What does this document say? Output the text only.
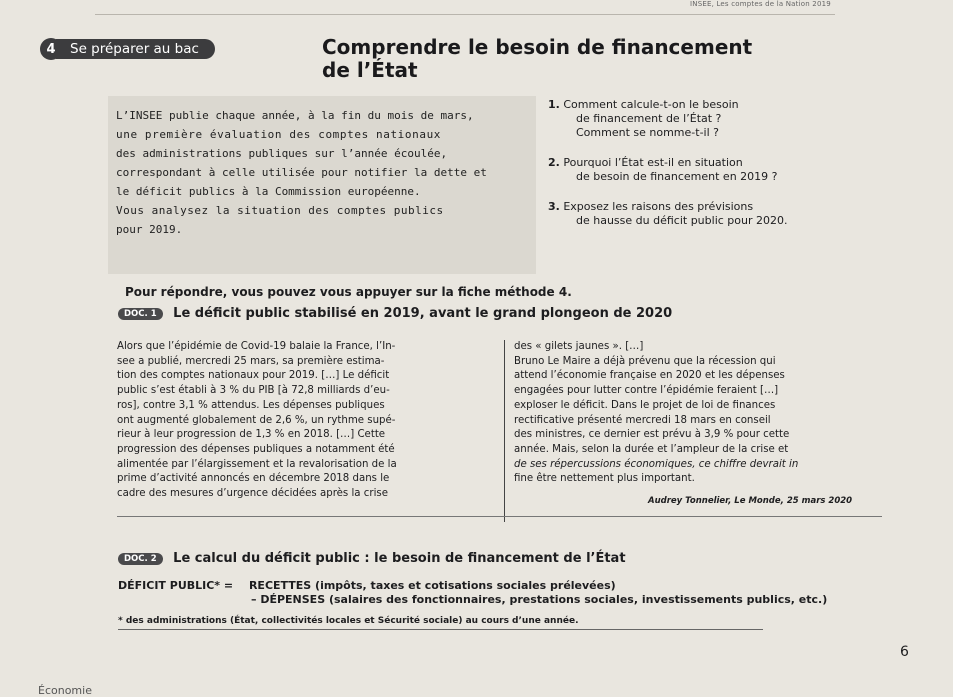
INSEE, Les comptes de la Nation 2019
4	Se préparer au bac	Comprendre le besoin de financement
de l’État
L’INSEE publie chaque année, à la fin du mois de mars,
une première évaluation des comptes nationaux
des administrations publiques sur l’année écoulée,
correspondant à celle utilisée pour notifier la dette et
le déficit publics à la Commission européenne.
Vous analysez la situation des comptes publics
pour 2019.
1. Comment calcule-t-on le besoin
de financement de l’État ?
Comment se nomme-t-il ?
2. Pourquoi l’État est-il en situation
de besoin de financement en 2019 ?
3. Exposez les raisons des prévisions
de hausse du déficit public pour 2020.
Pour répondre, vous pouvez vous appuyer sur la fiche méthode 4.
DOC. 1 Le déficit public stabilisé en 2019, avant le grand plongeon de 2020
Alors que l’épidémie de Covid-19 balaie la France, l’In-
see a publié, mercredi 25 mars, sa première estima-
tion des comptes nationaux pour 2019. […] Le déficit
public s’est établi à 3 % du PIB [à 72,8 milliards d’eu-
ros], contre 3,1 % attendus. Les dépenses publiques
ont augmenté globalement de 2,6 %, un rythme supé-
rieur à leur progression de 1,3 % en 2018. […] Cette
progression des dépenses publiques a notamment été
alimentée par l’élargissement et la revalorisation de la
prime d’activité annoncés en décembre 2018 dans le
cadre des mesures d’urgence décidées après la crise
des « gilets jaunes ». […]
Bruno Le Maire a déjà prévenu que la récession qui
attend l’économie française en 2020 et les dépenses
engagées pour lutter contre l’épidémie feraient […]
exploser le déficit. Dans le projet de loi de finances
rectificative présenté mercredi 18 mars en conseil
des ministres, ce dernier est prévu à 3,9 % pour cette
année. Mais, selon la durée et l’ampleur de la crise et
de ses répercussions économiques, ce chiffre devrait in
fine être nettement plus important.
Audrey Tonnelier, Le Monde, 25 mars 2020
DOC. 2 Le calcul du déficit public : le besoin de financement de l’État
DÉFICIT PUBLIC* = RECETTES (impôts, taxes et cotisations sociales prélevées)
– DÉPENSES (salaires des fonctionnaires, prestations sociales, investissements publics, etc.)
* des administrations (État, collectivités locales et Sécurité sociale) au cours d’une année.
6
Économie
